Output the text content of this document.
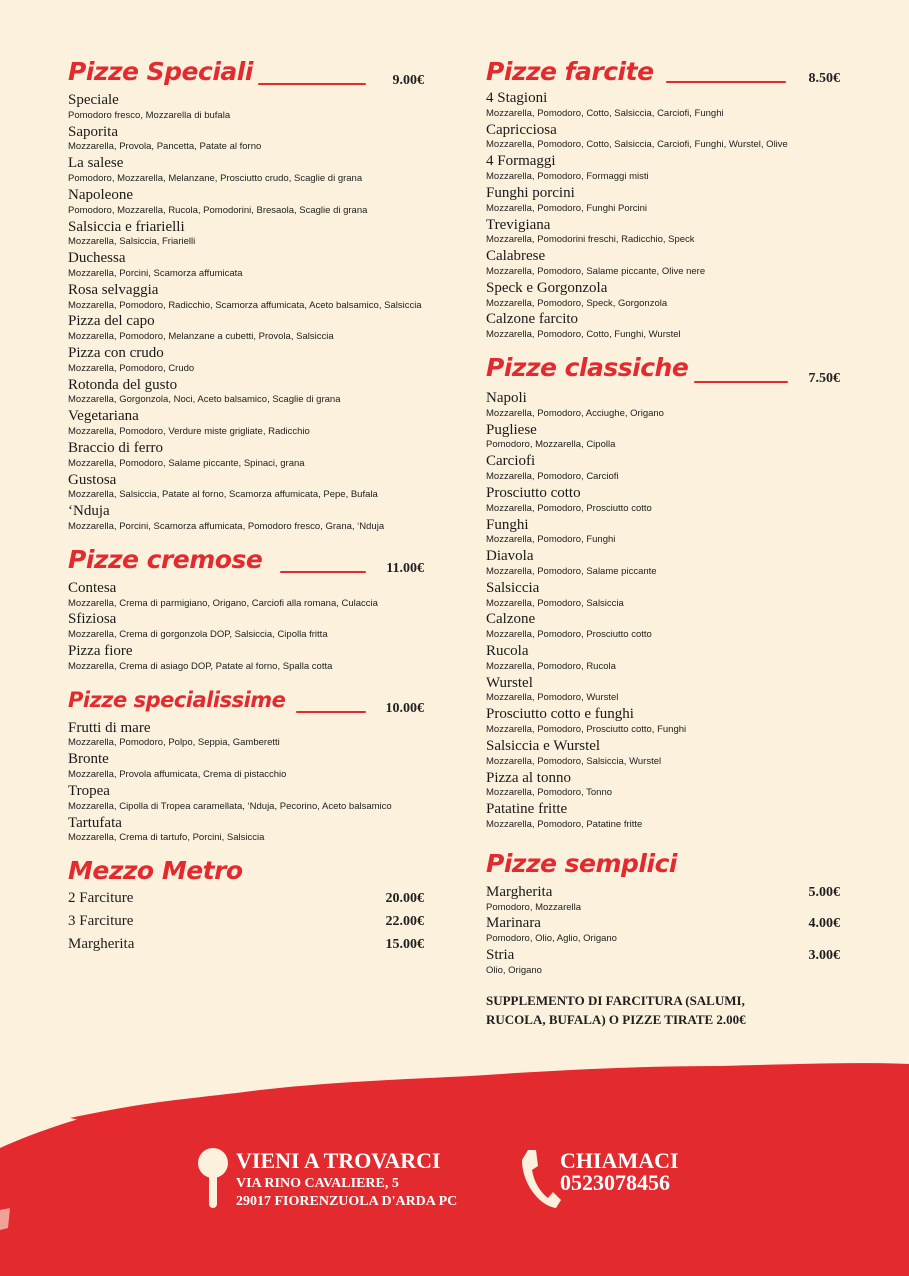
Pizze Speciali	9.00€
Speciale
Pomodoro fresco, Mozzarella di bufala
Saporita
Mozzarella, Provola, Pancetta, Patate al forno
La salese
Pomodoro, Mozzarella, Melanzane, Prosciutto crudo, Scaglie di grana
Napoleone
Pomodoro, Mozzarella, Rucola, Pomodorini, Bresaola, Scaglie di grana
Salsiccia e friarielli
Mozzarella, Salsiccia, Friarielli
Duchessa
Mozzarella, Porcini, Scamorza affumicata
Rosa selvaggia
Mozzarella, Pomodoro, Radicchio, Scamorza affumicata, Aceto balsamico, Salsiccia
Pizza del capo
Mozzarella, Pomodoro, Melanzane a cubetti, Provola, Salsiccia
Pizza con crudo
Mozzarella, Pomodoro, Crudo
Rotonda del gusto
Mozzarella, Gorgonzola, Noci, Aceto balsamico, Scaglie di grana
Vegetariana
Mozzarella, Pomodoro, Verdure miste grigliate, Radicchio
Braccio di ferro
Mozzarella, Pomodoro, Salame piccante, Spinaci, grana
Gustosa
Mozzarella, Salsiccia, Patate al forno, Scamorza affumicata, Pepe, Bufala
‘Nduja
Mozzarella, Porcini, Scamorza affumicata, Pomodoro fresco, Grana, ‘Nduja
Pizze cremose	11.00€
Contesa
Mozzarella, Crema di parmigiano, Origano, Carciofi alla romana, Culaccia
Sfiziosa
Mozzarella, Crema di gorgonzola DOP, Salsiccia, Cipolla fritta
Pizza fiore
Mozzarella, Crema di asiago DOP, Patate al forno, Spalla cotta
Pizze specialissime	10.00€
Frutti di mare
Mozzarella, Pomodoro, Polpo, Seppia, Gamberetti
Bronte
Mozzarella, Provola affumicata, Crema di pistacchio
Tropea
Mozzarella, Cipolla di Tropea caramellata, ‘Nduja, Pecorino, Aceto balsamico
Tartufata
Mozzarella, Crema di tartufo, Porcini, Salsiccia
Mezzo Metro
2 Farciture	20.00€
3 Farciture	22.00€
Margherita	15.00€
Pizze farcite	8.50€
4 Stagioni
Mozzarella, Pomodoro, Cotto, Salsiccia, Carciofi, Funghi
Capricciosa
Mozzarella, Pomodoro, Cotto, Salsiccia, Carciofi, Funghi, Wurstel, Olive
4 Formaggi
Mozzarella, Pomodoro, Formaggi misti
Funghi porcini
Mozzarella, Pomodoro, Funghi Porcini
Trevigiana
Mozzarella, Pomodorini freschi, Radicchio, Speck
Calabrese
Mozzarella, Pomodoro, Salame piccante, Olive nere
Speck e Gorgonzola
Mozzarella, Pomodoro, Speck, Gorgonzola
Calzone farcito
Mozzarella, Pomodoro, Cotto, Funghi, Wurstel
Pizze classiche	7.50€
Napoli
Mozzarella, Pomodoro, Acciughe, Origano
Pugliese
Pomodoro, Mozzarella, Cipolla
Carciofi
Mozzarella, Pomodoro, Carciofi
Prosciutto cotto
Mozzarella, Pomodoro, Prosciutto cotto
Funghi
Mozzarella, Pomodoro, Funghi
Diavola
Mozzarella, Pomodoro, Salame piccante
Salsiccia
Mozzarella, Pomodoro, Salsiccia
Calzone
Mozzarella, Pomodoro, Prosciutto cotto
Rucola
Mozzarella, Pomodoro, Rucola
Wurstel
Mozzarella, Pomodoro, Wurstel
Prosciutto cotto e funghi
Mozzarella, Pomodoro, Prosciutto cotto, Funghi
Salsiccia e Wurstel
Mozzarella, Pomodoro, Salsiccia, Wurstel
Pizza al tonno
Mozzarella, Pomodoro, Tonno
Patatine fritte
Mozzarella, Pomodoro, Patatine fritte
Pizze semplici
Margherita	5.00€
Pomodoro, Mozzarella
Marinara	4.00€
Pomodoro, Olio, Aglio, Origano
Stria	3.00€
Olio, Origano
SUPPLEMENTO DI FARCITURA (SALUMI, RUCOLA, BUFALA) O PIZZE TIRATE 2.00€
VIENI A TROVARCI
VIA RINO CAVALIERE, 5
29017 FIORENZUOLA D'ARDA PC
CHIAMACI
0523078456
